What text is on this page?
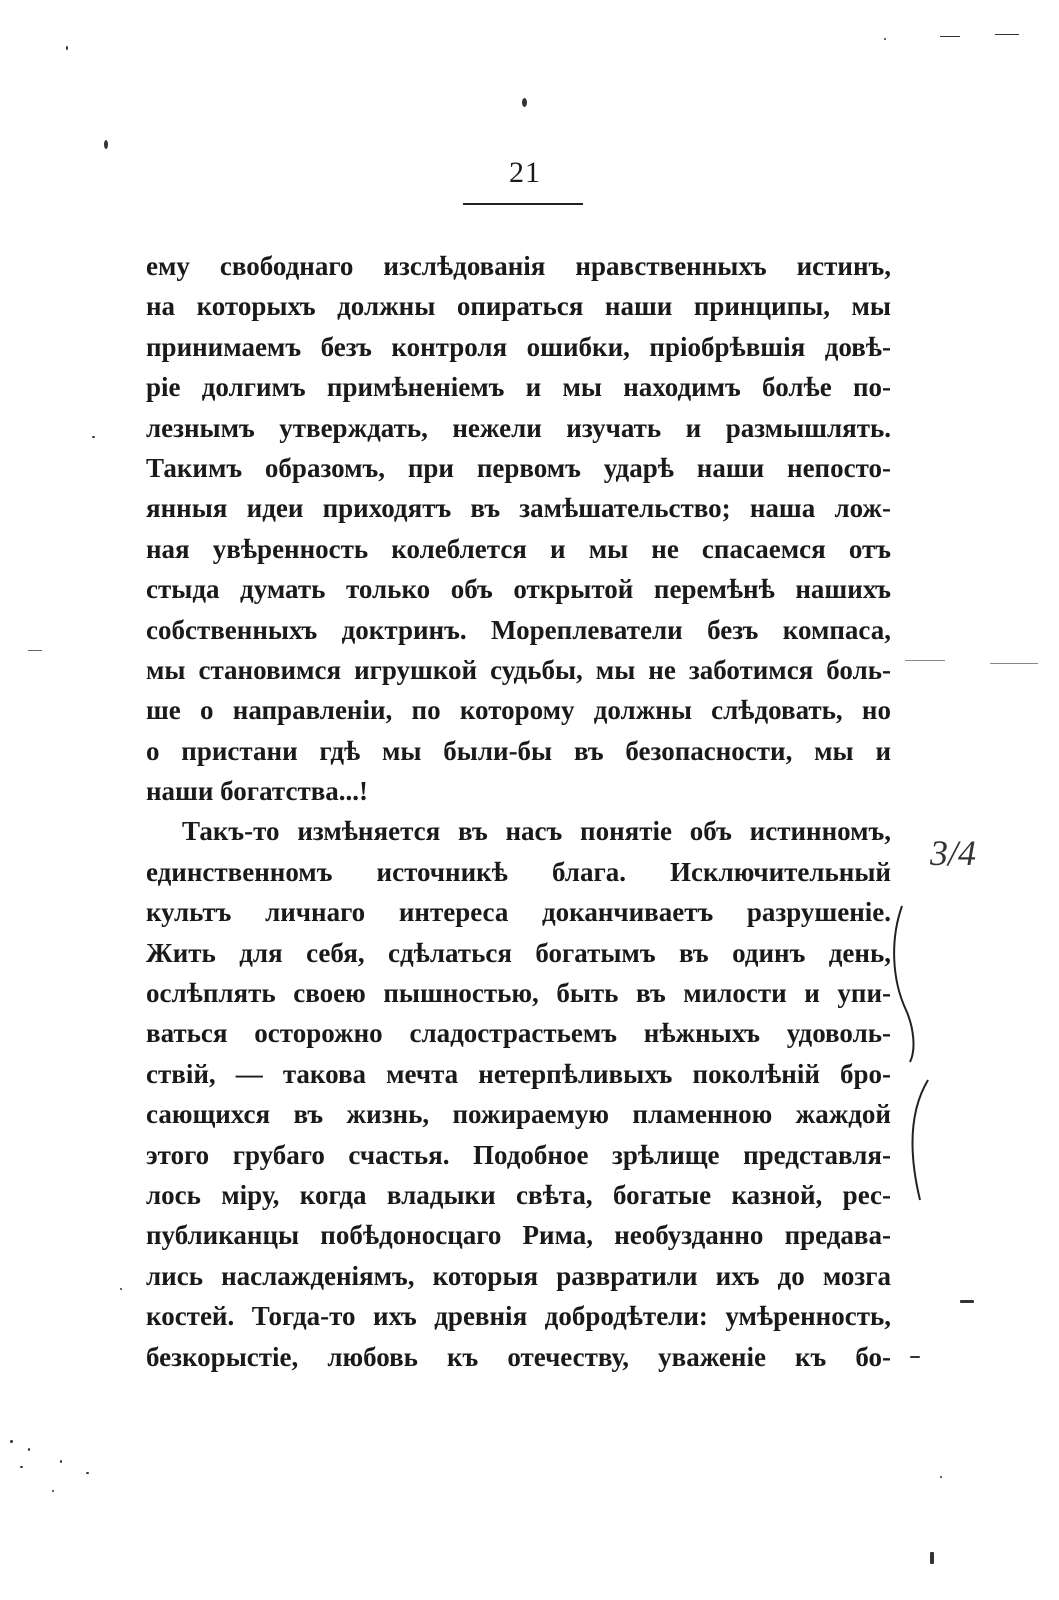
21
ему свободнаго изслѣдованія нравственныхъ истинъ,
на которыхъ должны опираться наши принципы, мы
принимаемъ безъ контроля ошибки, пріобрѣвшія довѣ-
ріе долгимъ примѣненіемъ и мы находимъ болѣе по-
лезнымъ утверждать, нежели изучать и размышлять.
Такимъ образомъ, при первомъ ударѣ наши непосто-
янныя идеи приходятъ въ замѣшательство; наша лож-
ная увѣренность колеблется и мы не спасаемся отъ
стыда думать только объ открытой перемѣнѣ нашихъ
собственныхъ доктринъ. Мореплеватели безъ компаса,
мы становимся игрушкой судьбы, мы не заботимся боль-
ше о направленіи, по которому должны слѣдовать, но
о пристани гдѣ мы были-бы въ безопасности, мы и
наши богатства...!
Такъ-то измѣняется въ насъ понятіе объ истинномъ,
единственномъ источникѣ блага. Исключительный
культъ личнаго интереса доканчиваетъ разрушеніе.
Жить для себя, сдѣлаться богатымъ въ одинъ день,
ослѣплять своею пышностью, быть въ милости и упи-
ваться осторожно сладострастьемъ нѣжныхъ удоволь-
ствій, — такова мечта нетерпѣливыхъ поколѣній бро-
сающихся въ жизнь, пожираемую пламенною жаждой
этого грубаго счастья. Подобное зрѣлище представля-
лось міру, когда владыки свѣта, богатые казной, рес-
публиканцы побѣдоносцаго Рима, необузданно предава-
лись наслажденіямъ, которыя развратили ихъ до мозга
костей. Тогда-то ихъ древнія добродѣтели: умѣренность,
безкорыстіе, любовь къ отечеству, уваженіе къ бо-
3/4
